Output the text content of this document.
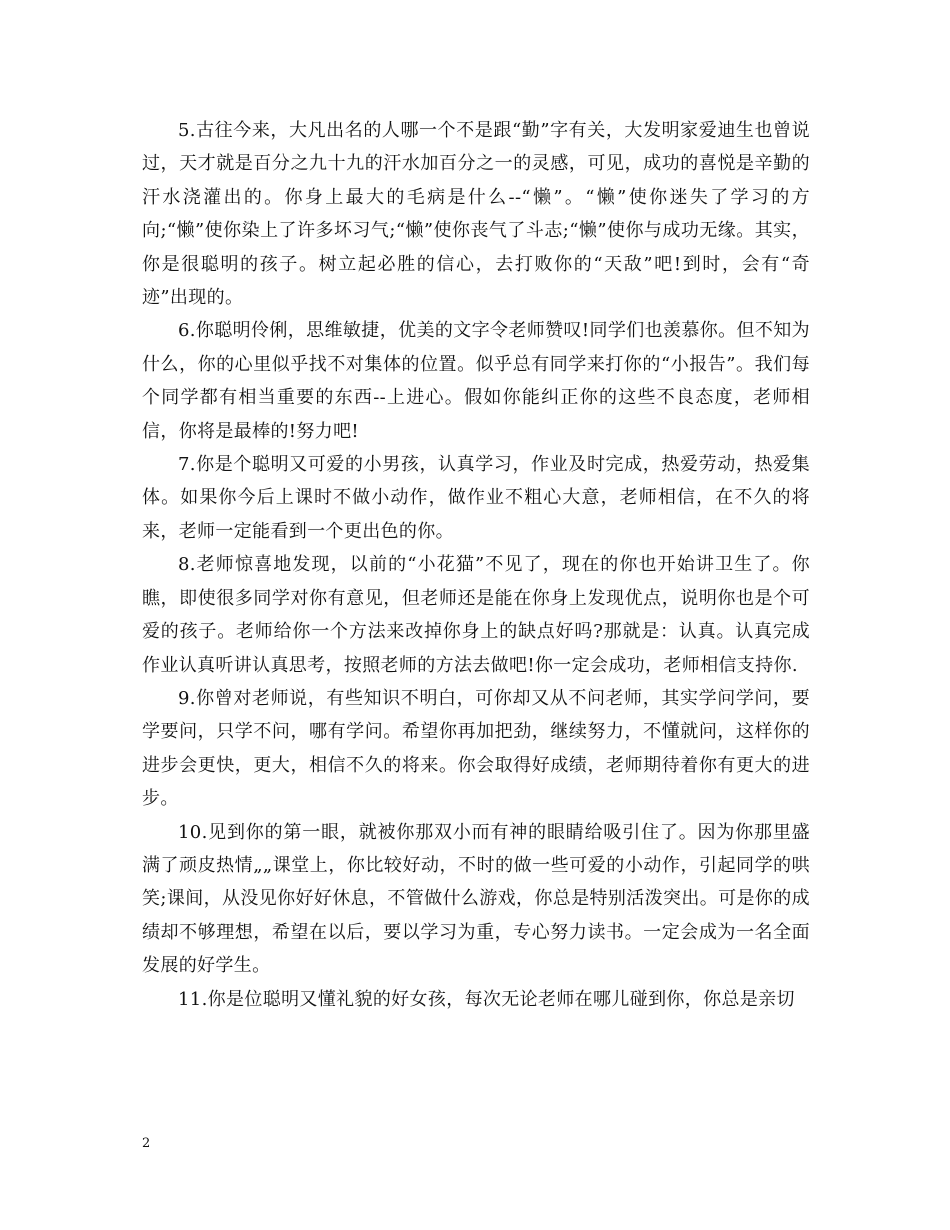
5.古往今来，大凡出名的人哪一个不是跟“勤”字有关，大发明家爱迪生也曾说过，天才就是百分之九十九的汗水加百分之一的灵感，可见，成功的喜悦是辛勤的汗水浇灌出的。你身上最大的毛病是什么--“懒”。“懒”使你迷失了学习的方向;“懒”使你染上了许多坏习气;“懒”使你丧气了斗志;“懒”使你与成功无缘。其实，你是很聪明的孩子。树立起必胜的信心，去打败你的“天敌”吧!到时，会有“奇迹”出现的。

6.你聪明伶俐，思维敏捷，优美的文字令老师赞叹!同学们也羡慕你。但不知为什么，你的心里似乎找不对集体的位置。似乎总有同学来打你的“小报告”。我们每个同学都有相当重要的东西--上进心。假如你能纠正你的这些不良态度，老师相信，你将是最棒的!努力吧!

7.你是个聪明又可爱的小男孩，认真学习，作业及时完成，热爱劳动，热爱集体。如果你今后上课时不做小动作，做作业不粗心大意，老师相信，在不久的将来，老师一定能看到一个更出色的你。

8.老师惊喜地发现，以前的“小花猫”不见了，现在的你也开始讲卫生了。你瞧，即使很多同学对你有意见，但老师还是能在你身上发现优点，说明你也是个可爱的孩子。老师给你一个方法来改掉你身上的缺点好吗?那就是：认真。认真完成作业认真听讲认真思考，按照老师的方法去做吧!你一定会成功，老师相信支持你.

9.你曾对老师说，有些知识不明白，可你却又从不问老师，其实学问学问，要学要问，只学不问，哪有学问。希望你再加把劲，继续努力，不懂就问，这样你的进步会更快，更大，相信不久的将来。你会取得好成绩，老师期待着你有更大的进步。

10.见到你的第一眼，就被你那双小而有神的眼睛给吸引住了。因为你那里盛满了顽皮热情„„课堂上，你比较好动，不时的做一些可爱的小动作，引起同学的哄笑;课间，从没见你好好休息，不管做什么游戏，你总是特别活泼突出。可是你的成绩却不够理想，希望在以后，要以学习为重，专心努力读书。一定会成为一名全面发展的好学生。

11.你是位聪明又懂礼貌的好女孩，每次无论老师在哪儿碰到你，你总是亲切

2
